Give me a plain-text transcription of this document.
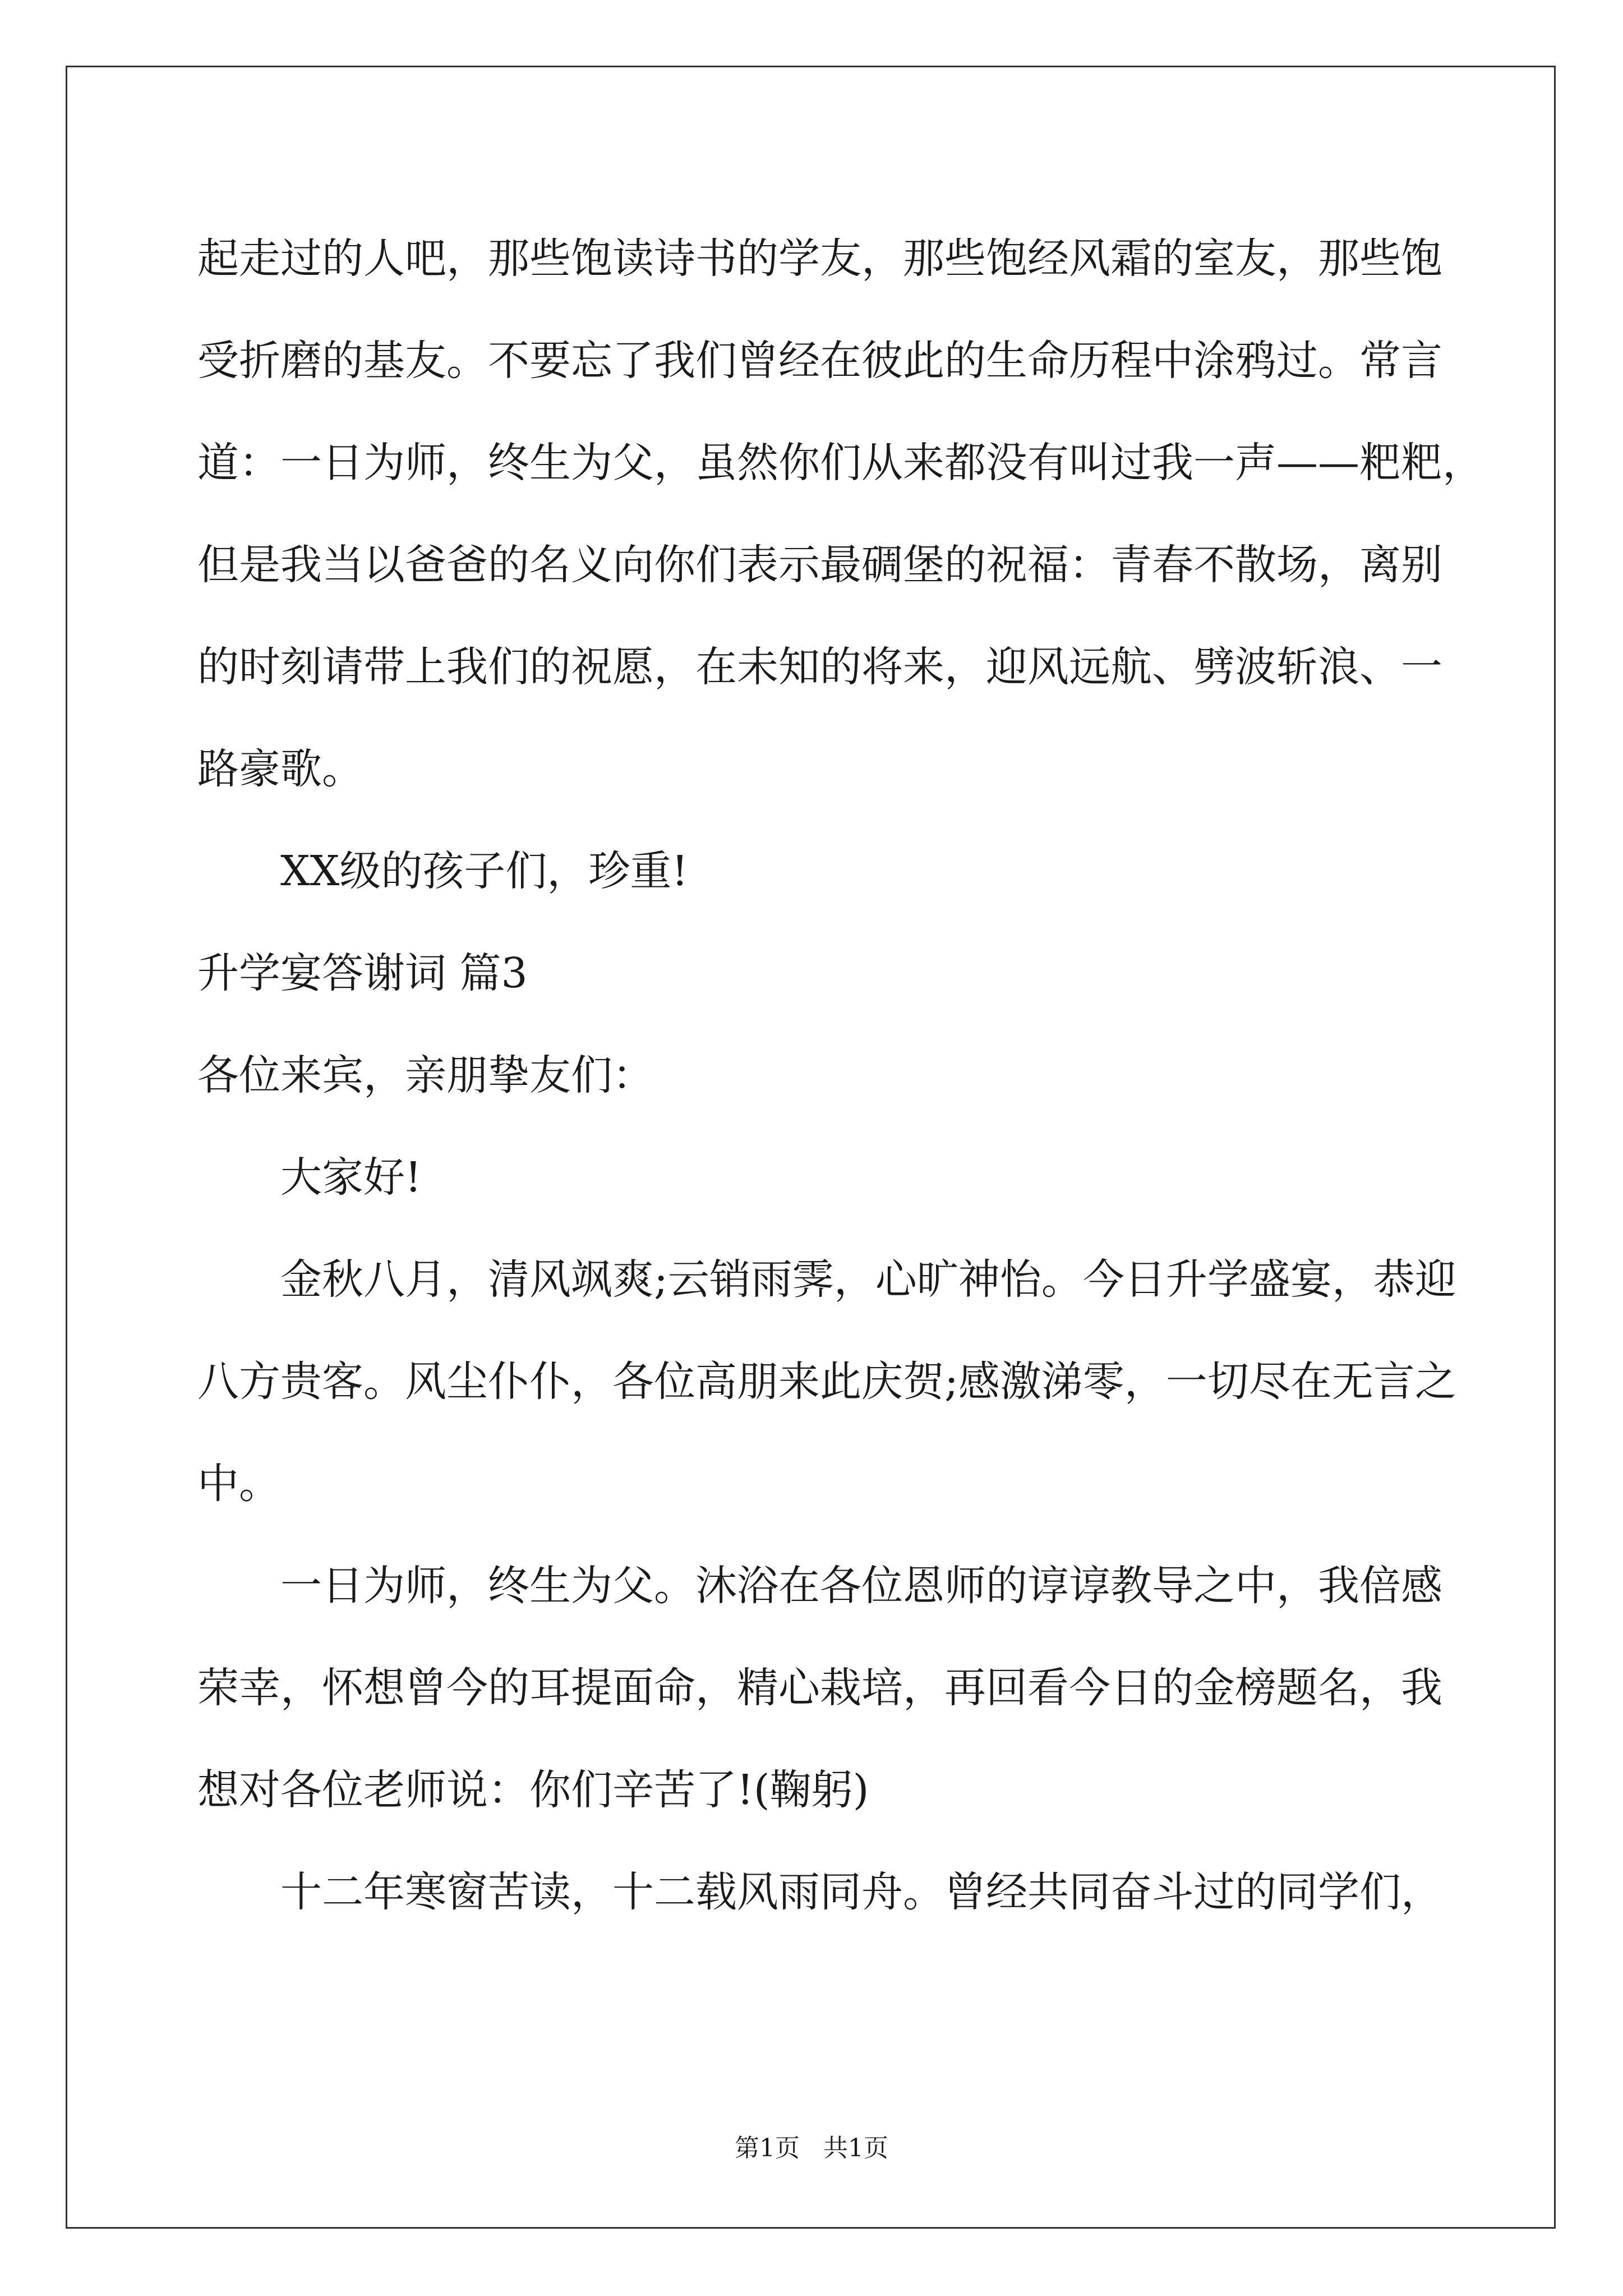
起走过的人吧，那些饱读诗书的学友，那些饱经风霜的室友，那些饱
受折磨的基友。不要忘了我们曾经在彼此的生命历程中涂鸦过。常言
道：一日为师，终生为父，虽然你们从来都没有叫过我一声——粑粑，
但是我当以爸爸的名义向你们表示最碉堡的祝福：青春不散场，离别
的时刻请带上我们的祝愿，在未知的将来，迎风远航、劈波斩浪、一
路豪歌。
XX级的孩子们，珍重!
升学宴答谢词 篇3
各位来宾，亲朋挚友们：
大家好!
金秋八月，清风飒爽;云销雨霁，心旷神怡。今日升学盛宴，恭迎
八方贵客。风尘仆仆，各位高朋来此庆贺;感激涕零，一切尽在无言之
中。
一日为师，终生为父。沐浴在各位恩师的谆谆教导之中，我倍感
荣幸，怀想曾今的耳提面命，精心栽培，再回看今日的金榜题名，我
想对各位老师说：你们辛苦了!(鞠躬)
十二年寒窗苦读，十二载风雨同舟。曾经共同奋斗过的同学们，
第1页   共1页
